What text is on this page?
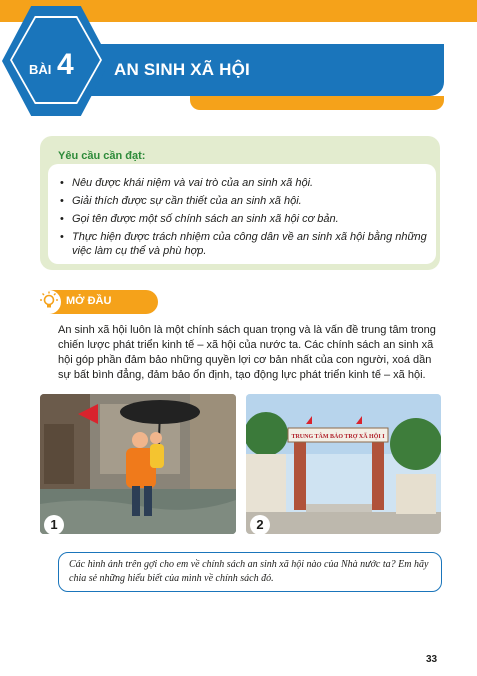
BÀI 4 AN SINH XÃ HỘI
Yêu cầu cần đạt:
• Nêu được khái niệm và vai trò của an sinh xã hội.
• Giải thích được sự cần thiết của an sinh xã hội.
• Gọi tên được một số chính sách an sinh xã hội cơ bản.
• Thực hiện được trách nhiệm của công dân về an sinh xã hội bằng những việc làm cụ thể và phù hợp.
MỞ ĐẦU

An sinh xã hội luôn là một chính sách quan trọng và là vấn đề trung tâm trong chiến lược phát triển kinh tế – xã hội của nước ta. Các chính sách an sinh xã hội góp phần đảm bảo những quyền lợi cơ bản nhất của con người, xoá dần sự bất bình đẳng, đảm bảo ổn định, tạo động lực phát triển kinh tế – xã hội.

TRUNG TÂM BẢO TRỢ XÃ HỘI I
1	2
Các hình ảnh trên gợi cho em về chính sách an sinh xã hội nào của Nhà nước ta? Em hãy chia sẻ những hiểu biết của mình về chính sách đó.
33
